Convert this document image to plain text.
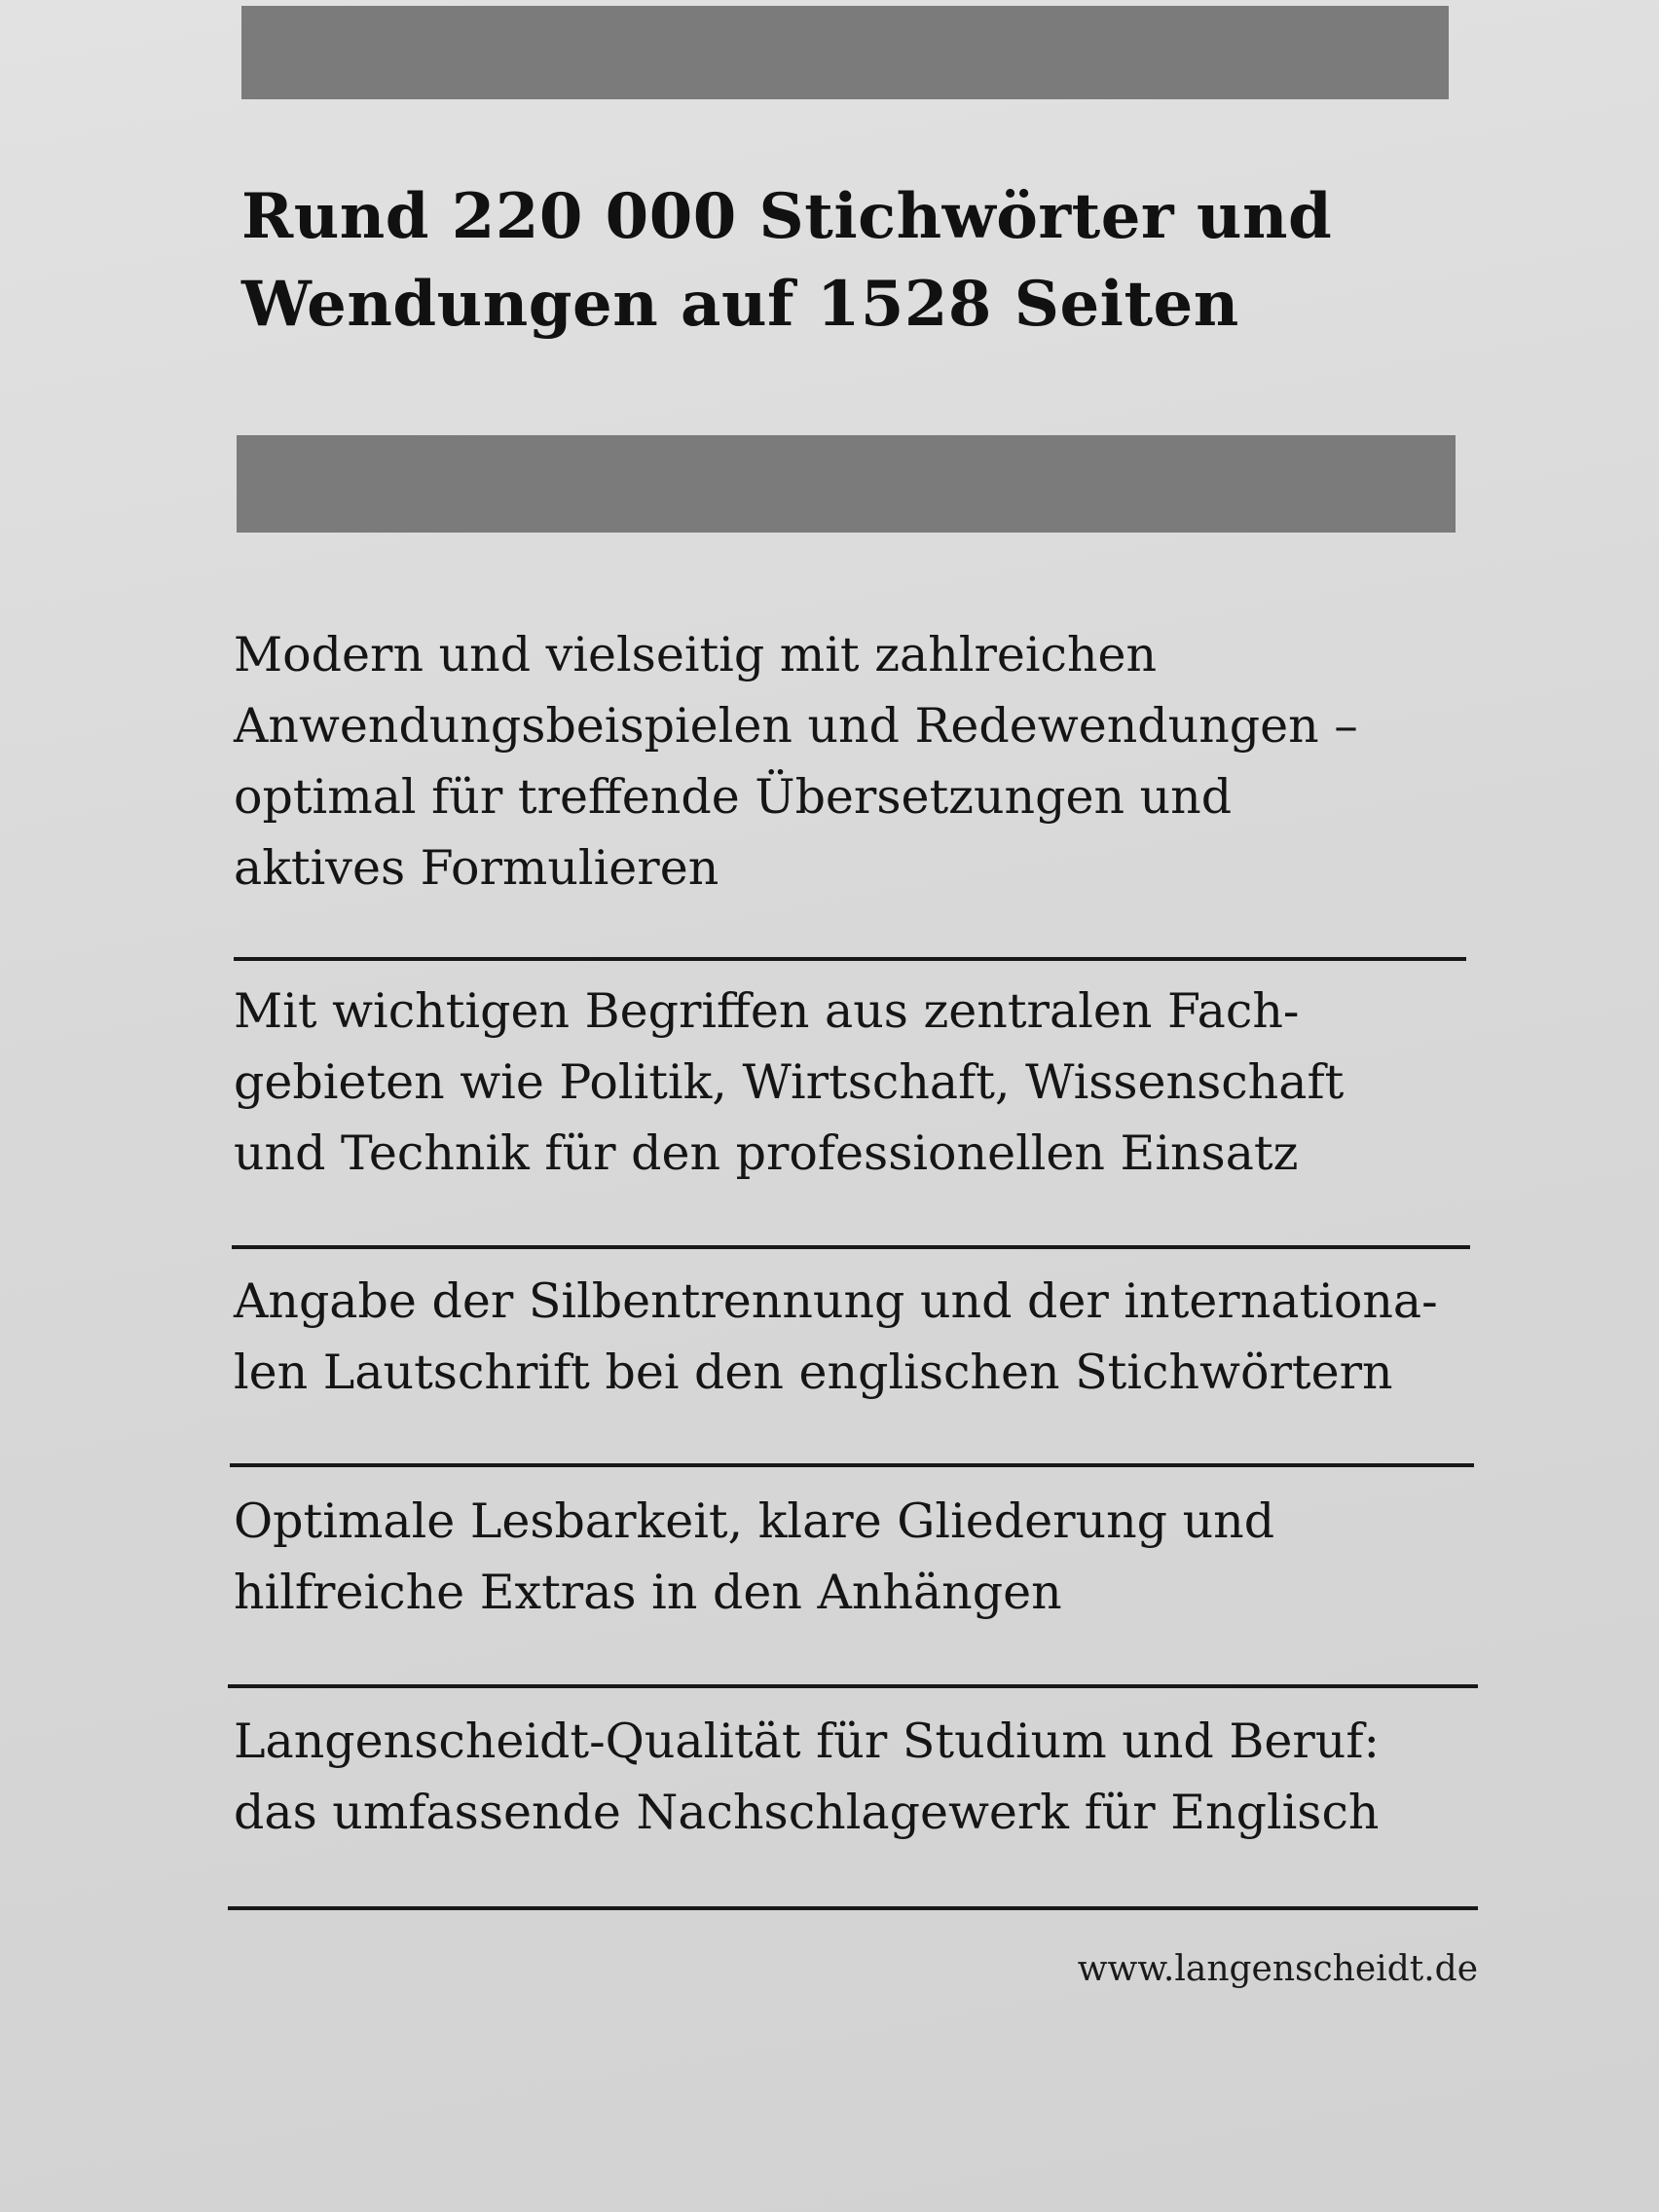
Rund 220 000 Stichwörter und
Wendungen auf 1528 Seiten

Modern und vielseitig mit zahlreichen
Anwendungsbeispielen und Redewendungen –
optimal für treffende Übersetzungen und
aktives Formulieren

Mit wichtigen Begriffen aus zentralen Fach-
gebieten wie Politik, Wirtschaft, Wissenschaft
und Technik für den professionellen Einsatz

Angabe der Silbentrennung und der internationa-
len Lautschrift bei den englischen Stichwörtern

Optimale Lesbarkeit, klare Gliederung und
hilfreiche Extras in den Anhängen

Langenscheidt-Qualität für Studium und Beruf:
das umfassende Nachschlagewerk für Englisch

www.langenscheidt.de
